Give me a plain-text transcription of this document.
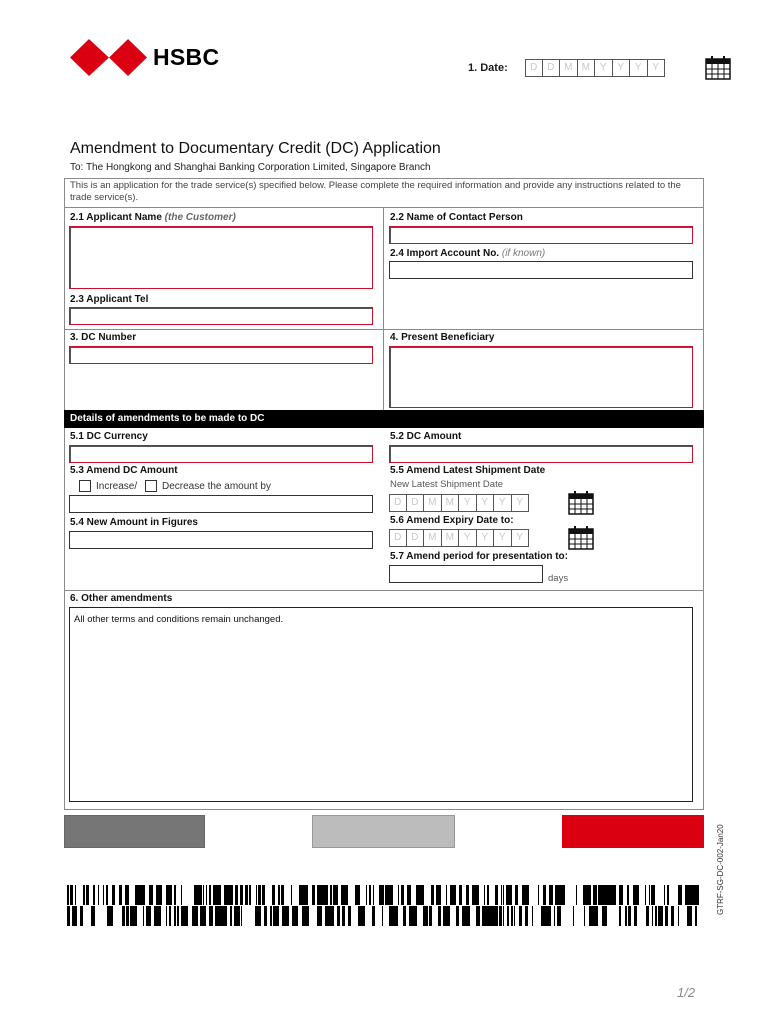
HSBC	1. Date:	D D M M Y	Y	Y	Y
Amendment to Documentary Credit (DC) Application
To: The Hongkong and Shanghai Banking Corporation Limited, Singapore Branch
This is an application for the trade service(s) specified below. Please complete the required information and provide any instructions related to the trade service(s).
2.1 Applicant Name (the Customer)	2.2 Name of Contact Person
2.4 Import Account No. (if known)
2.3 Applicant Tel
3. DC Number	4. Present Beneficiary
Details of amendments to be made to DC
5.1 DC Currency	5.2 DC Amount
5.3 Amend DC Amount
Increase/ Decrease the amount by
5.4 New Amount in Figures
5.5 Amend Latest Shipment Date
New Latest Shipment Date
D D M M Y	Y	Y	Y
5.6 Amend Expiry Date to:
D D M M Y	Y	Y	Y
5.7 Amend period for presentation to:
days
6. Other amendments
All other terms and conditions remain unchanged.
GTRF-SG-DC-002-Jan20
1/2
